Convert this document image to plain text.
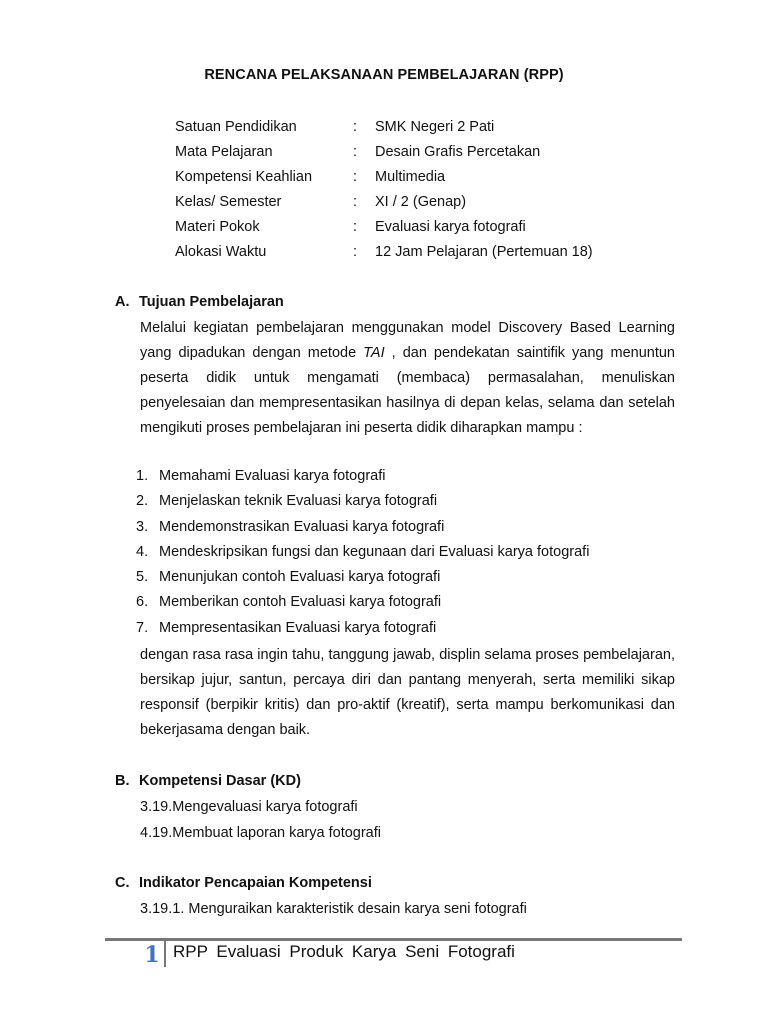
RENCANA PELAKSANAAN PEMBELAJARAN (RPP)
Satuan Pendidikan	: SMK Negeri 2 Pati
Mata Pelajaran	: Desain Grafis Percetakan
Kompetensi Keahlian	: Multimedia
Kelas/ Semester	: XI / 2 (Genap)
Materi Pokok	: Evaluasi karya fotografi
Alokasi Waktu	: 12 Jam Pelajaran (Pertemuan 18)
A. Tujuan Pembelajaran

Melalui kegiatan pembelajaran menggunakan model Discovery Based Learning yang dipadukan dengan metode TAI , dan pendekatan saintifik yang menuntun peserta didik untuk mengamati (membaca) permasalahan, menuliskan penyelesaian dan mempresentasikan hasilnya di depan kelas, selama dan setelah mengikuti proses pembelajaran ini peserta didik diharapkan mampu :

1. Memahami Evaluasi karya fotografi
2. Menjelaskan teknik Evaluasi karya fotografi
3. Mendemonstrasikan Evaluasi karya fotografi
4. Mendeskripsikan fungsi dan kegunaan dari Evaluasi karya fotografi
5. Menunjukan contoh Evaluasi karya fotografi
6. Memberikan contoh Evaluasi karya fotografi
7. Mempresentasikan Evaluasi karya fotografi

dengan rasa rasa ingin tahu, tanggung jawab, displin selama proses pembelajaran, bersikap jujur, santun, percaya diri dan pantang menyerah, serta memiliki sikap responsif (berpikir kritis) dan pro-aktif (kreatif), serta mampu berkomunikasi dan bekerjasama dengan baik.

B. Kompetensi Dasar (KD)
3.19.Mengevaluasi karya fotografi
4.19.Membuat laporan karya fotografi
C. Indikator Pencapaian Kompetensi
3.19.1. Menguraikan karakteristik desain karya seni fotografi
1 RPP Evaluasi Produk Karya Seni Fotografi
